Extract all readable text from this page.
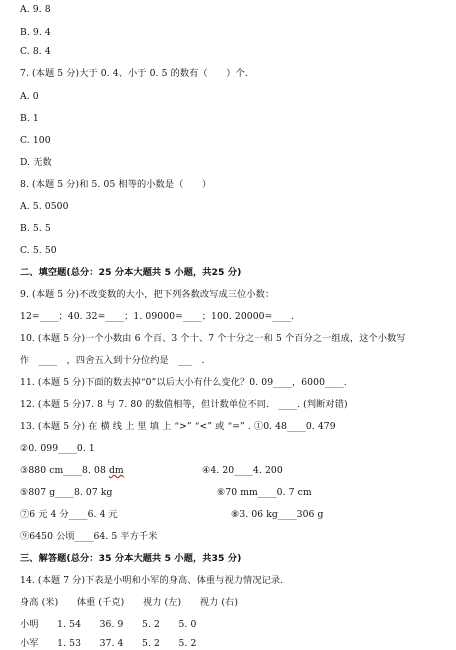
A. 9. 8
B. 9. 4
C. 8. 4
7. (本题 5 分)大于 0. 4、小于 0. 5 的数有（　　）个.
A. 0
B. 1
C. 100
D. 无数
8. (本题 5 分)和 5. 05 相等的小数是（　　）
A. 5. 0500
B. 5. 5
C. 5. 50
二、填空题(总分：25 分本大题共 5 小题，共25 分)
9. (本题 5 分)不改变数的大小，把下列各数改写成三位小数：
12=____；40. 32=____；1. 09000=____；100. 20000=____.
10. (本题 5 分)一个小数由 6 个百、3 个十、7 个十分之一和 5 个百分之一组成，这个小数写
作　____　，四舍五入到十分位约是　___　.
11. (本题 5 分)下面的数去掉“0”以后大小有什么变化？0. 09____，6000____.
12. (本题 5 分)7. 8 与 7. 80 的数值相等，但计数单位不同.　____. (判断对错)
13. (本题 5 分) 在 横 线 上 里 填 上 “>” “<” 或 “=” . ①0. 48____0. 479
②0. 099____0. 1
③880 cm____8. 08 dm	④4. 20____4. 200
⑤807 g____8. 07 kg	⑥70 mm____0. 7 cm
⑦6 元 4 分____6. 4 元	⑧3. 06 kg____306 g
⑨6450 公顷____64. 5 平方千米
三、解答题(总分：35 分本大题共 5 小题，共35 分)
14. (本题 7 分)下表是小明和小军的身高、体重与视力情况记录.
身高 (米)　　体重 (千克)　　视力 (左)　　视力 (右)
小明　　1. 54　　36. 9　　5. 2　　5. 0
小军　　1. 53　　37. 4　　5. 2　　5. 2
